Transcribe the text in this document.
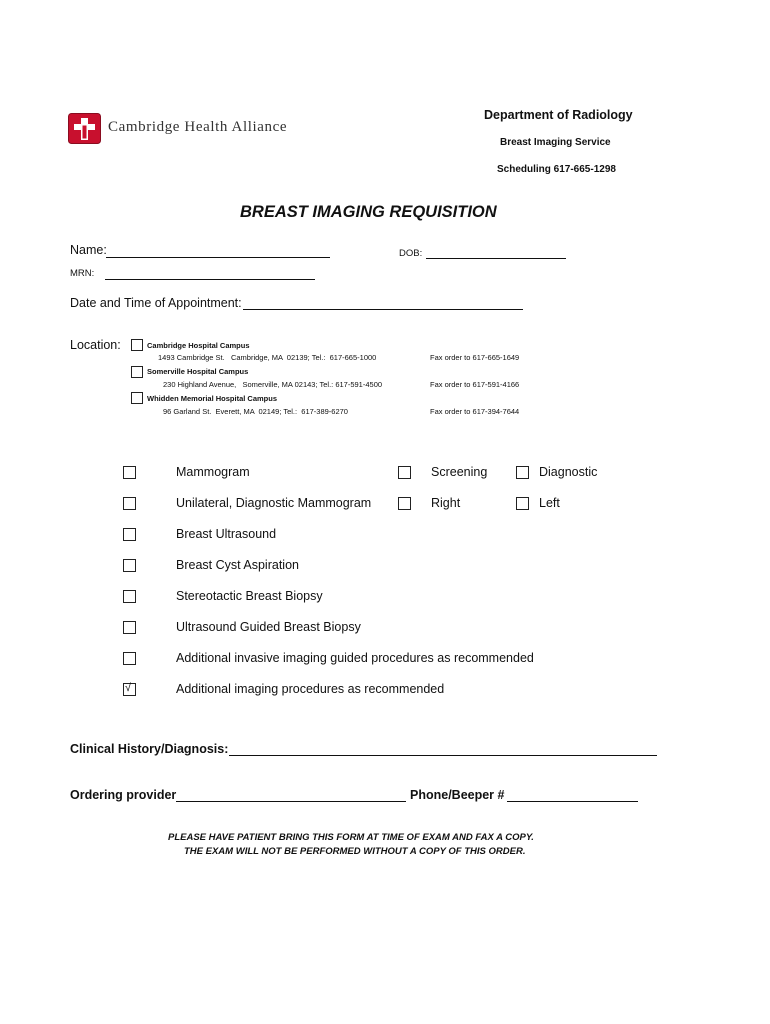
Cambridge Health Alliance
Department of Radiology
Breast Imaging Service
Scheduling 617-665-1298
BREAST IMAGING REQUISITION
Name:	DOB:
MRN:
Date and Time of Appointment:
Location:	Cambridge Hospital Campus
1493 Cambridge St.   Cambridge, MA  02139; Tel.:  617-665-1000	Fax order to 617-665-1649
Somerville Hospital Campus
230 Highland Avenue,   Somerville, MA 02143; Tel.: 617-591-4500	Fax order to 617-591-4166
Whidden Memorial Hospital Campus
96 Garland St.  Everett, MA  02149; Tel.:  617-389-6270	Fax order to 617-394-7644
Mammogram	Screening	Diagnostic
Unilateral, Diagnostic Mammogram	Right	Left
Breast Ultrasound
Breast Cyst Aspiration
Stereotactic Breast Biopsy
Ultrasound Guided Breast Biopsy
Additional invasive imaging guided procedures as recommended
√	Additional imaging procedures as recommended
Clinical History/Diagnosis:
Ordering provider	Phone/Beeper #
PLEASE HAVE PATIENT BRING THIS FORM AT TIME OF EXAM AND FAX A COPY.
THE EXAM WILL NOT BE PERFORMED WITHOUT A COPY OF THIS ORDER.
